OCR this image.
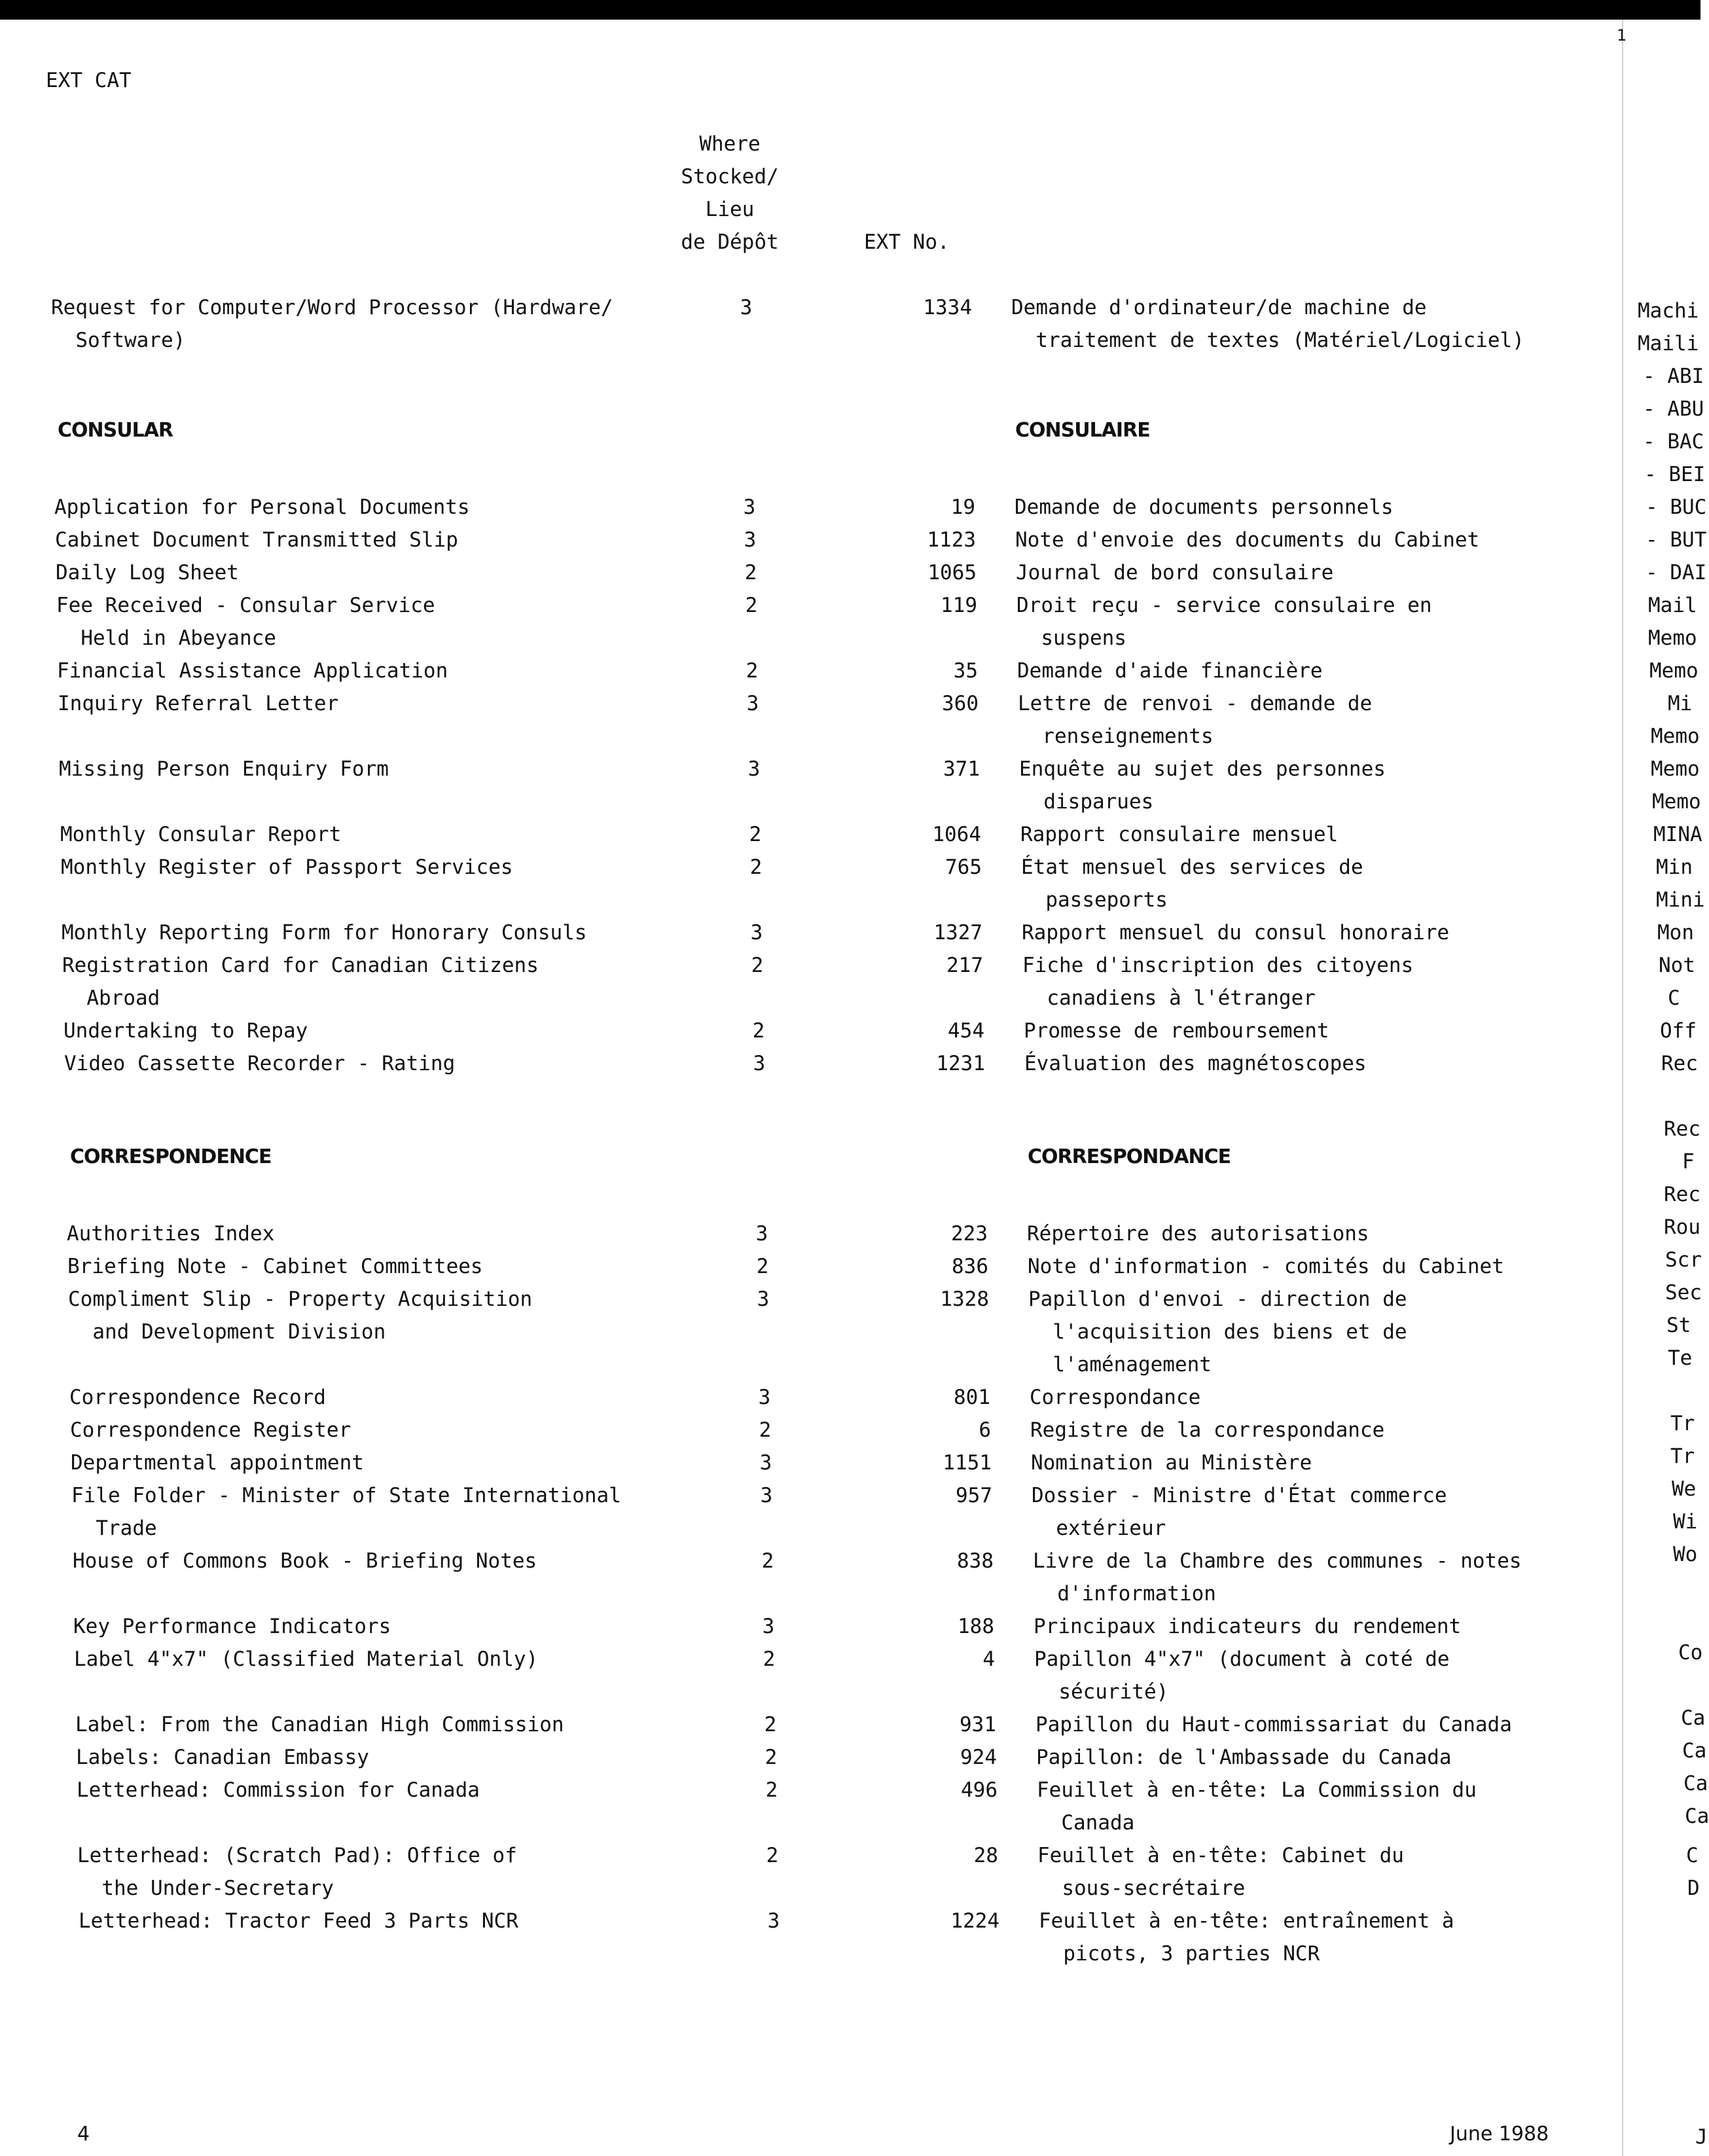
EXT CAT
1
Where
Stocked/
Lieu
de Dépôt	EXT No.
Request for Computer/Word Processor (Hardware/
Software)
3	1334 Demande d'ordinateur/de machine de
traitement de textes (Matériel/Logiciel)
CONSULAR	CONSULAIRE
Application for Personal Documents	3	19 Demande de documents personnels
Cabinet Document Transmitted Slip	3	1123 Note d'envoie des documents du Cabinet
Daily Log Sheet	2	1065 Journal de bord consulaire
Fee Received - Consular Service
Held in Abeyance
2	119 Droit reçu - service consulaire en
suspens
Financial Assistance Application	2	35 Demande d'aide financière
Inquiry Referral Letter	3	360 Lettre de renvoi - demande de
renseignements
Missing Person Enquiry Form	3	371 Enquête au sujet des personnes
disparues
Monthly Consular Report	2	1064 Rapport consulaire mensuel
Monthly Register of Passport Services	2	765 État mensuel des services de
passeports
Monthly Reporting Form for Honorary Consuls	3	1327 Rapport mensuel du consul honoraire
Registration Card for Canadian Citizens
Abroad
2	217 Fiche d'inscription des citoyens
canadiens à l'étranger
Undertaking to Repay	2	454 Promesse de remboursement
Video Cassette Recorder - Rating	3	1231 Évaluation des magnétoscopes
CORRESPONDENCE	CORRESPONDANCE
Authorities Index	3	223 Répertoire des autorisations
Briefing Note - Cabinet Committees	2	836 Note d'information - comités du Cabinet
Compliment Slip - Property Acquisition
and Development Division
3	1328 Papillon d'envoi - direction de
l'acquisition des biens et de
l'aménagement
Correspondence Record	3	801 Correspondance
Correspondence Register	2	6 Registre de la correspondance
Departmental appointment	3	1151 Nomination au Ministère
File Folder - Minister of State International
Trade
3	957 Dossier - Ministre d'État commerce
extérieur
House of Commons Book - Briefing Notes	2	838 Livre de la Chambre des communes - notes
d'information
Key Performance Indicators	3	188 Principaux indicateurs du rendement
Label 4"x7" (Classified Material Only)	2	4 Papillon 4"x7" (document à coté de
sécurité)
Label: From the Canadian High Commission	2	931 Papillon du Haut-commissariat du Canada
Labels: Canadian Embassy	2	924 Papillon: de l'Ambassade du Canada
Letterhead: Commission for Canada	2	496 Feuillet à en-tête: La Commission du
Canada
Letterhead: (Scratch Pad): Office of
the Under-Secretary
2	28 Feuillet à en-tête: Cabinet du
sous-secrétaire
Letterhead: Tractor Feed 3 Parts NCR	3	1224 Feuillet à en-tête: entraînement à
picots, 3 parties NCR
Machi
Maili
- ABI
- ABU
- BAC
- BEI
- BUC
- BUT
- DAI
Mail
Memo
Memo
Mi
Memo
Memo
Memo
MINA
Min
Mini
Mon
Not
C
Off
Rec
Rec
F
Rec
Rou
Scr
Sec
St
Te
Tr
Tr
We
Wi
Wo
Co
Ca
Ca
Ca
Ca
C
D
J
4	June 1988
